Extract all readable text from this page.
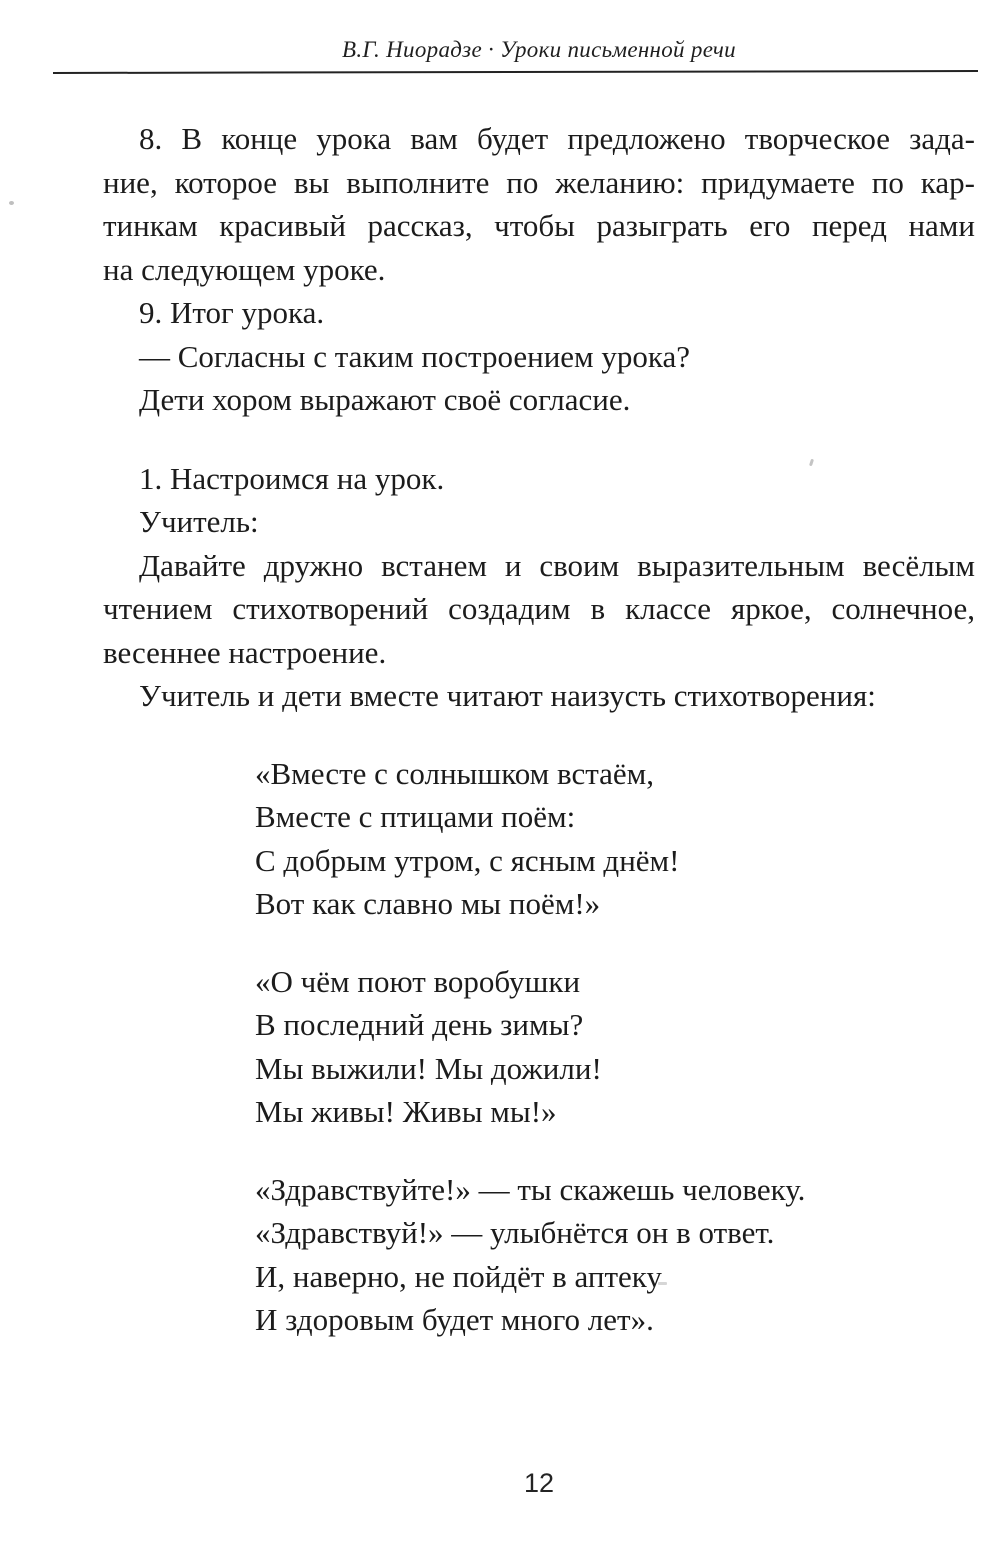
В.Г. Ниорадзе · Уроки письменной речи
8. В конце урока вам будет предложено творческое зада-
ние, которое вы выполните по желанию: придумаете по кар-
тинкам красивый рассказ, чтобы разыграть его перед нами
на следующем уроке.
9. Итог урока.
— Согласны с таким построением урока?
Дети хором выражают своё согласие.
1. Настроимся на урок.
Учитель:
Давайте дружно встанем и своим выразительным весёлым
чтением стихотворений создадим в классе яркое, солнечное,
весеннее настроение.
Учитель и дети вместе читают наизусть стихотворения:
«Вместе с солнышком встаём,
Вместе с птицами поём:
С добрым утром, с ясным днём!
Вот как славно мы поём!»
«О чём поют воробушки
В последний день зимы?
Мы выжили! Мы дожили!
Мы живы! Живы мы!»
«Здравствуйте!» — ты скажешь человеку.
«Здравствуй!» — улыбнётся он в ответ.
И, наверно, не пойдёт в аптеку
И здоровым будет много лет».
12
